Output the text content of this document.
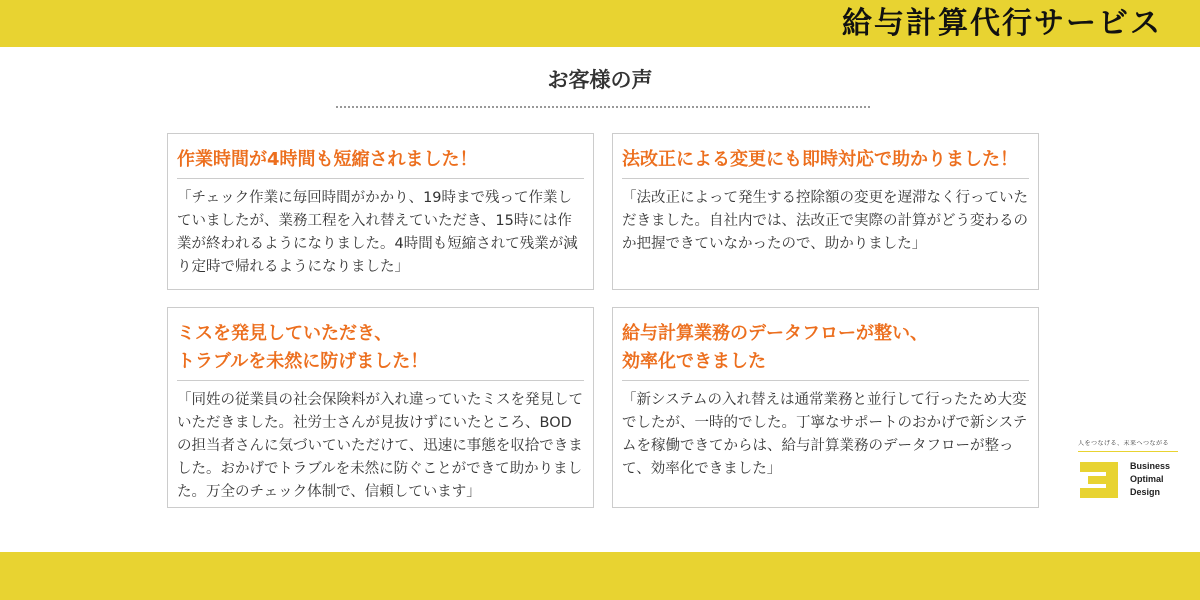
給与計算代行サービス
お客様の声
作業時間が4時間も短縮されました！
「チェック作業に毎回時間がかかり、19時まで残って作業していましたが、業務工程を入れ替えていただき、15時には作業が終われるようになりました。4時間も短縮されて残業が減り定時で帰れるようになりました」
法改正による変更にも即時対応で助かりました！
「法改正によって発生する控除額の変更を遅滞なく行っていただきました。自社内では、法改正で実際の計算がどう変わるのか把握できていなかったので、助かりました」
ミスを発見していただき、
トラブルを未然に防げました！
「同姓の従業員の社会保険料が入れ違っていたミスを発見していただきました。社労士さんが見抜けずにいたところ、BODの担当者さんに気づいていただけて、迅速に事態を収拾できました。おかげでトラブルを未然に防ぐことができて助かりました。万全のチェック体制で、信頼しています」
給与計算業務のデータフローが整い、
効率化できました
「新システムの入れ替えは通常業務と並行して行ったため大変でしたが、一時的でした。丁寧なサポートのおかげで新システムを稼働できてからは、給与計算業務のデータフローが整って、効率化できました」
人をつなげる、未来へつながる
Business
Optimal
Design
